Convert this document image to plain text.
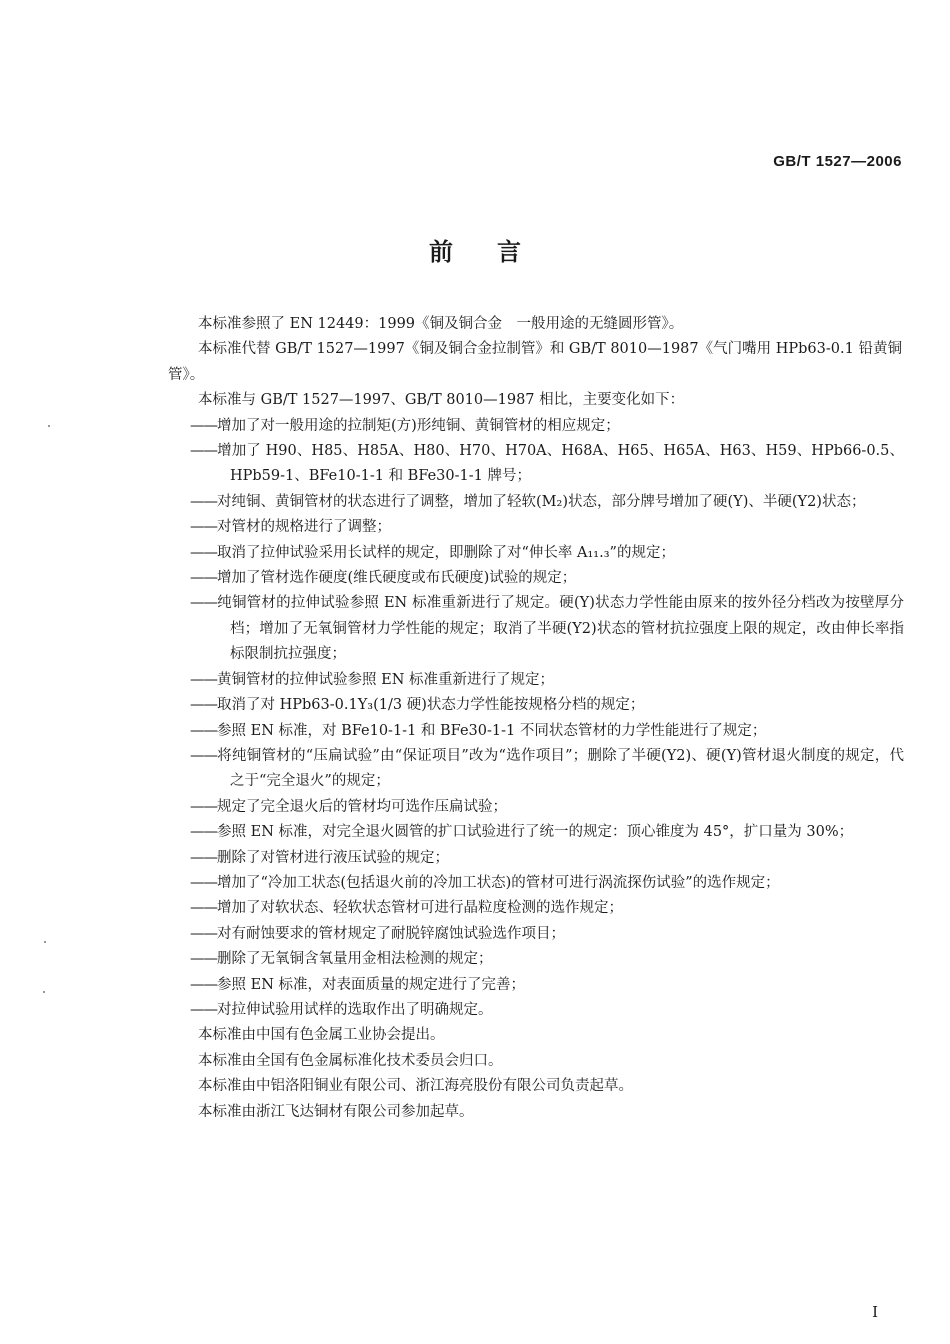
GB/T 1527—2006
前言

本标准参照了 EN 12449：1999《铜及铜合金　一般用途的无缝圆形管》。

本标准代替 GB/T 1527—1997《铜及铜合金拉制管》和 GB/T 8010—1987《气门嘴用 HPb63-0.1 铅黄铜管》。

本标准与 GB/T 1527—1997、GB/T 8010—1987 相比，主要变化如下：

——增加了对一般用途的拉制矩(方)形纯铜、黄铜管材的相应规定；

——增加了 H90、H85、H85A、H80、H70、H70A、H68A、H65、H65A、H63、H59、HPb66-0.5、HPb59-1、BFe10-1-1 和 BFe30-1-1 牌号；

——对纯铜、黄铜管材的状态进行了调整，增加了轻软(M₂)状态，部分牌号增加了硬(Y)、半硬(Y2)状态；

——对管材的规格进行了调整；

——取消了拉伸试验采用长试样的规定，即删除了对“伸长率 A₁₁.₃”的规定；

——增加了管材选作硬度(维氏硬度或布氏硬度)试验的规定；

——纯铜管材的拉伸试验参照 EN 标准重新进行了规定。硬(Y)状态力学性能由原来的按外径分档改为按壁厚分档；增加了无氧铜管材力学性能的规定；取消了半硬(Y2)状态的管材抗拉强度上限的规定，改由伸长率指标限制抗拉强度；

——黄铜管材的拉伸试验参照 EN 标准重新进行了规定；

——取消了对 HPb63-0.1Y₃(1/3 硬)状态力学性能按规格分档的规定；

——参照 EN 标准，对 BFe10-1-1 和 BFe30-1-1 不同状态管材的力学性能进行了规定；

——将纯铜管材的“压扁试验”由“保证项目”改为“选作项目”；删除了半硬(Y2)、硬(Y)管材退火制度的规定，代之于“完全退火”的规定；

——规定了完全退火后的管材均可选作压扁试验；

——参照 EN 标准，对完全退火圆管的扩口试验进行了统一的规定：顶心锥度为 45°，扩口量为 30%；

——删除了对管材进行液压试验的规定；

——增加了“冷加工状态(包括退火前的冷加工状态)的管材可进行涡流探伤试验”的选作规定；

——增加了对软状态、轻软状态管材可进行晶粒度检测的选作规定；

——对有耐蚀要求的管材规定了耐脱锌腐蚀试验选作项目；

——删除了无氧铜含氧量用金相法检测的规定；

——参照 EN 标准，对表面质量的规定进行了完善；

——对拉伸试验用试样的选取作出了明确规定。

本标准由中国有色金属工业协会提出。

本标准由全国有色金属标准化技术委员会归口。

本标准由中铝洛阳铜业有限公司、浙江海亮股份有限公司负责起草。

本标准由浙江飞达铜材有限公司参加起草。

I
